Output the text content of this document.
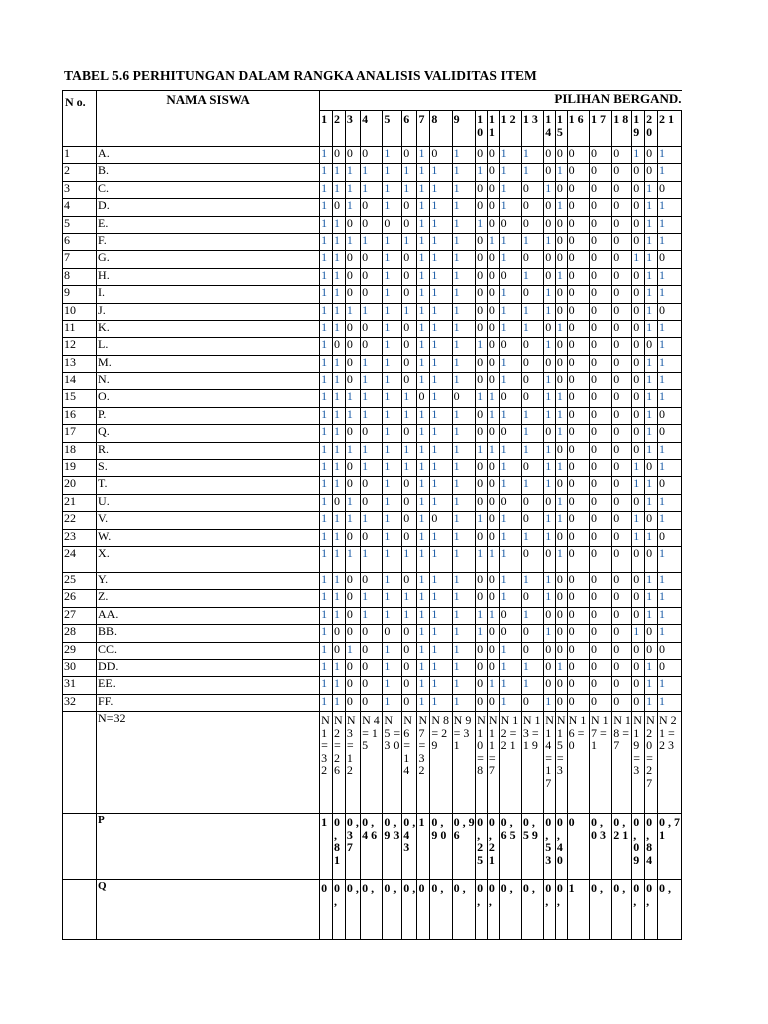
TABEL 5.6 PERHITUNGAN DALAM RANGKA ANALISIS VALIDITAS ITEM
N o.	NAMA SISWA	PILIHAN BERGAND.																				
		1	2	3	4	5	6	7	8	9	1 0	1 1	1 2	1 3	1 4	1 5	1 6	1 7	1 8	1 9	2 0	2 1
1	A.	1	0	0	0	1	0	1	0	1	0	0	1	1	0	0	0	0	0	1	0	1
2	B.	1	1	1	1	1	1	1	1	1	1	0	1	1	0	1	0	0	0	0	0	1
3	C.	1	1	1	1	1	1	1	1	1	0	0	1	0	1	0	0	0	0	0	1	0
4	D.	1	0	1	0	1	0	1	1	1	0	0	1	0	0	1	0	0	0	0	1	1
5	E.	1	1	0	0	0	0	1	1	1	1	0	0	0	0	0	0	0	0	0	1	1
6	F.	1	1	1	1	1	1	1	1	1	0	1	1	1	1	0	0	0	0	0	1	1
7	G.	1	1	0	0	1	0	1	1	1	0	0	1	0	0	0	0	0	0	1	1	0
8	H.	1	1	0	0	1	0	1	1	1	0	0	0	1	0	1	0	0	0	0	1	1
9	I.	1	1	0	0	1	0	1	1	1	0	0	1	0	1	0	0	0	0	0	1	1
10	J.	1	1	1	1	1	1	1	1	1	0	0	1	1	1	0	0	0	0	0	1	0
11	K.	1	1	0	0	1	0	1	1	1	0	0	1	1	0	1	0	0	0	0	1	1
12	L.	1	0	0	0	1	0	1	1	1	1	0	0	0	1	0	0	0	0	0	0	1
13	M.	1	1	0	1	1	0	1	1	1	0	0	1	0	0	0	0	0	0	0	1	1
14	N.	1	1	0	1	1	0	1	1	1	0	0	1	0	1	0	0	0	0	0	1	1
15	O.	1	1	1	1	1	1	0	1	0	1	1	0	0	1	1	0	0	0	0	1	1
16	P.	1	1	1	1	1	1	1	1	1	0	1	1	1	1	1	0	0	0	0	1	0
17	Q.	1	1	0	0	1	0	1	1	1	0	0	0	1	0	1	0	0	0	0	1	0
18	R.	1	1	1	1	1	1	1	1	1	1	1	1	1	1	0	0	0	0	0	1	1
19	S.	1	1	0	1	1	1	1	1	1	0	0	1	0	1	1	0	0	0	1	0	1
20	T.	1	1	0	0	1	0	1	1	1	0	0	1	1	1	0	0	0	0	1	1	0
21	U.	1	0	1	0	1	0	1	1	1	0	0	0	0	0	1	0	0	0	0	1	1
22	V.	1	1	1	1	1	0	1	0	1	1	0	1	0	1	1	0	0	0	1	0	1
23	W.	1	1	0	0	1	0	1	1	1	0	0	1	1	1	0	0	0	0	1	1	0
24	X.	1	1	1	1	1	1	1	1	1	1	1	1	0	0	1	0	0	0	0	0	1
25	Y.	1	1	0	0	1	0	1	1	1	0	0	1	1	1	0	0	0	0	0	1	1
26	Z.	1	1	0	1	1	1	1	1	1	0	0	1	0	1	0	0	0	0	0	1	1
27	AA.	1	1	0	1	1	1	1	1	1	1	1	0	1	0	0	0	0	0	0	1	1
28	BB.	1	0	0	0	0	0	1	1	1	1	0	0	0	1	0	0	0	0	1	0	1
29	CC.	1	0	1	0	1	0	1	1	1	0	0	1	0	0	0	0	0	0	0	0	0
30	DD.	1	1	0	0	1	0	1	1	1	0	0	1	1	0	1	0	0	0	0	1	0
31	EE.	1	1	0	0	1	0	1	1	1	0	1	1	1	0	0	0	0	0	0	1	1
32	FF.	1	1	0	0	1	0	1	1	1	0	0	1	0	1	0	0	0	0	0	1	1
	N=32	N 1 = 3 2	N 2 = 2 6	N 3 = 1 2	N 4 = 1 5	N 5 = 3 0	N 6 = 1 4	N 7 = 3 2	N 8 = 2 9	N 9 = 3 1	N 1 0 = 8	N 1 1 = 7	N 1 2 = 2 1	N 1 3 = 1 9	N 1 4 = 1 7	N 1 5 = 3	N 1 6 = 0	N 1 7 = 1	N 1 8 = 7	N 1 9 = 3	N 2 0 = 2 7	N 2 1 = 2 3
	P	1	0 , 8 1	0 , 3 7	0 , 4 6	0 , 9 3	0 , 4 3	1	0 , 9 0	0 , 9 6	0 , 2 5	0 , 2 1	0 , 6 5	0 , 5 9	0 , 5 3	0 , 4 0	0	0 , 0 3	0 , 2 1	0 , 0 9	0 , 8 4	0 , 7 1
	Q	0	0 ,	0 ,	0 ,	0 ,	0 ,	0	0 ,	0 ,	0 ,	0 ,	0 ,	0 ,	0 ,	0 ,	1	0 ,	0 ,	0 ,	0 ,	0 ,
